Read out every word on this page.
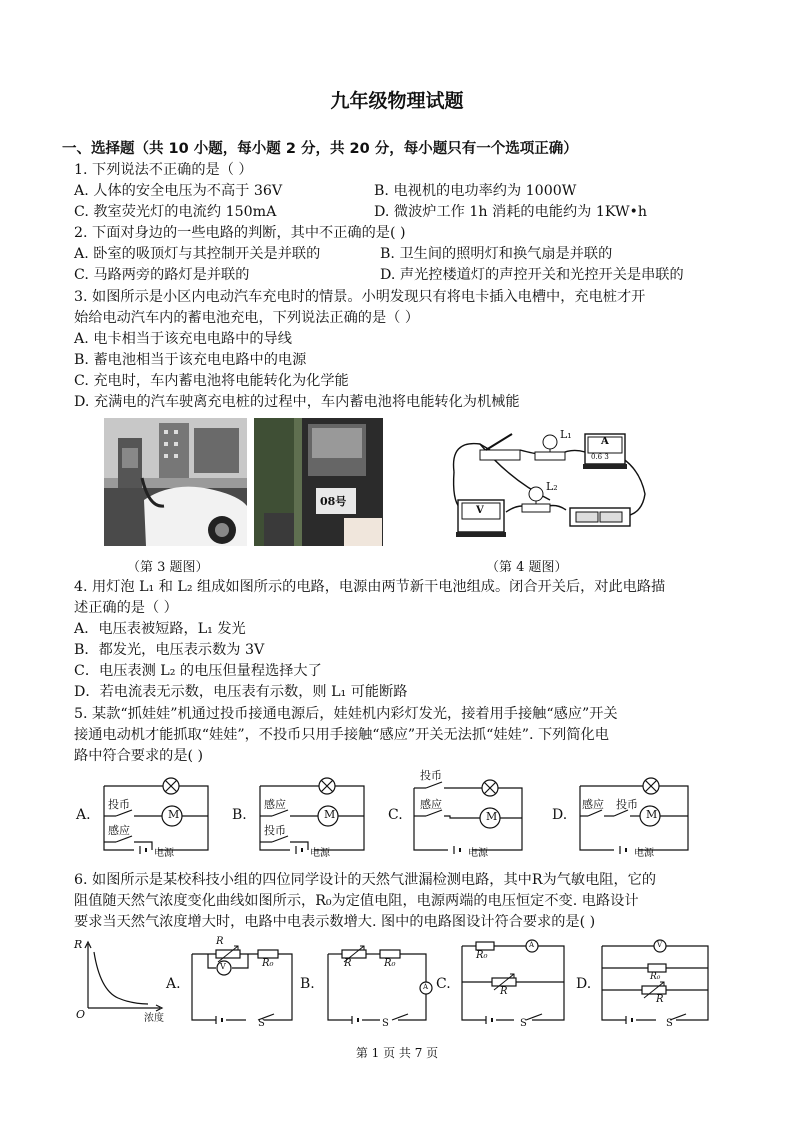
九年级物理试题
一、选择题（共 10 小题，每小题 2 分，共 20 分，每小题只有一个选项正确）
1. 下列说法不正确的是（ ）
A. 人体的安全电压为不高于 36V	B. 电视机的电功率约为 1000W
C. 教室荧光灯的电流约 150mA	D. 微波炉工作 1h 消耗的电能约为 1KW•h
2. 下面对身边的一些电路的判断，其中不正确的是( )
A. 卧室的吸顶灯与其控制开关是并联的	B. 卫生间的照明灯和换气扇是并联的
C. 马路两旁的路灯是并联的	D. 声光控楼道灯的声控开关和光控开关是串联的
3. 如图所示是小区内电动汽车充电时的情景。小明发现只有将电卡插入电槽中，充电桩才开
始给电动汽车内的蓄电池充电，下列说法正确的是（ ）
A. 电卡相当于该充电电路中的导线
B. 蓄电池相当于该充电电路中的电源
C. 充电时，车内蓄电池将电能转化为化学能
D. 充满电的汽车驶离充电桩的过程中，车内蓄电池将电能转化为机械能
08号
L₁
L₂
A
0.6 3
V
（第 3 题图）	（第 4 题图）
4. 用灯泡 L₁ 和 L₂ 组成如图所示的电路，电源由两节新干电池组成。闭合开关后，对此电路描
述正确的是（ ）
A．电压表被短路，L₁ 发光
B．都发光，电压表示数为 3V
C．电压表测 L₂ 的电压但量程选择大了
D．若电流表无示数，电压表有示数，则 L₁ 可能断路
5. 某款“抓娃娃”机通过投币接通电源后，娃娃机内彩灯发光，接着用手接触“感应”开关
接通电动机才能抓取“娃娃”，不投币只用手接触“感应”开关无法抓“娃娃”. 下列简化电
路中符合要求的是( )
A.
投币
感应
M
电源
B.
感应
投币
M
电源
C.
投币
感应
M
电源
D.
感应 投币
M
电源
6. 如图所示是某校科技小组的四位同学设计的天然气泄漏检测电路，其中R为气敏电阻，它的
阻值随天然气浓度变化曲线如图所示，R₀为定值电阻，电源两端的电压恒定不变. 电路设计
要求当天然气浓度增大时，电路中电表示数增大. 图中的电路图设计符合要求的是( )
R
O	浓度
A.
R
R₀
V
S
B.
R	R₀
A
S
C.
R₀
A
R
S
D.
V
R₀
R
S
第 1 页 共 7 页
